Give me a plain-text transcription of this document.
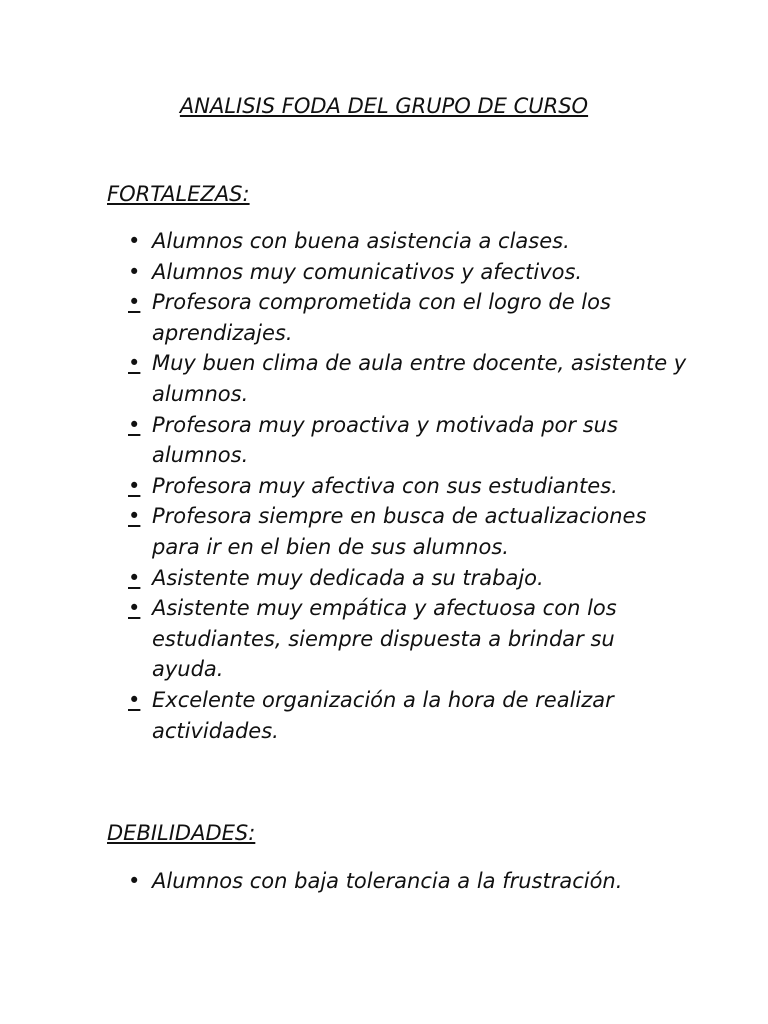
ANALISIS FODA DEL GRUPO DE CURSO
FORTALEZAS:
• Alumnos con buena asistencia a clases.
• Alumnos muy comunicativos y afectivos.
• Profesora comprometida con el logro de los aprendizajes.
• Muy buen clima de aula entre docente, asistente y alumnos.
• Profesora muy proactiva y motivada por sus alumnos.
• Profesora muy afectiva con sus estudiantes.
• Profesora siempre en busca de actualizaciones para ir en el bien de sus alumnos.
• Asistente muy dedicada a su trabajo.
• Asistente muy empática y afectuosa con los estudiantes, siempre dispuesta a brindar su ayuda.
• Excelente organización a la hora de realizar actividades.
DEBILIDADES:
• Alumnos con baja tolerancia a la frustración.
